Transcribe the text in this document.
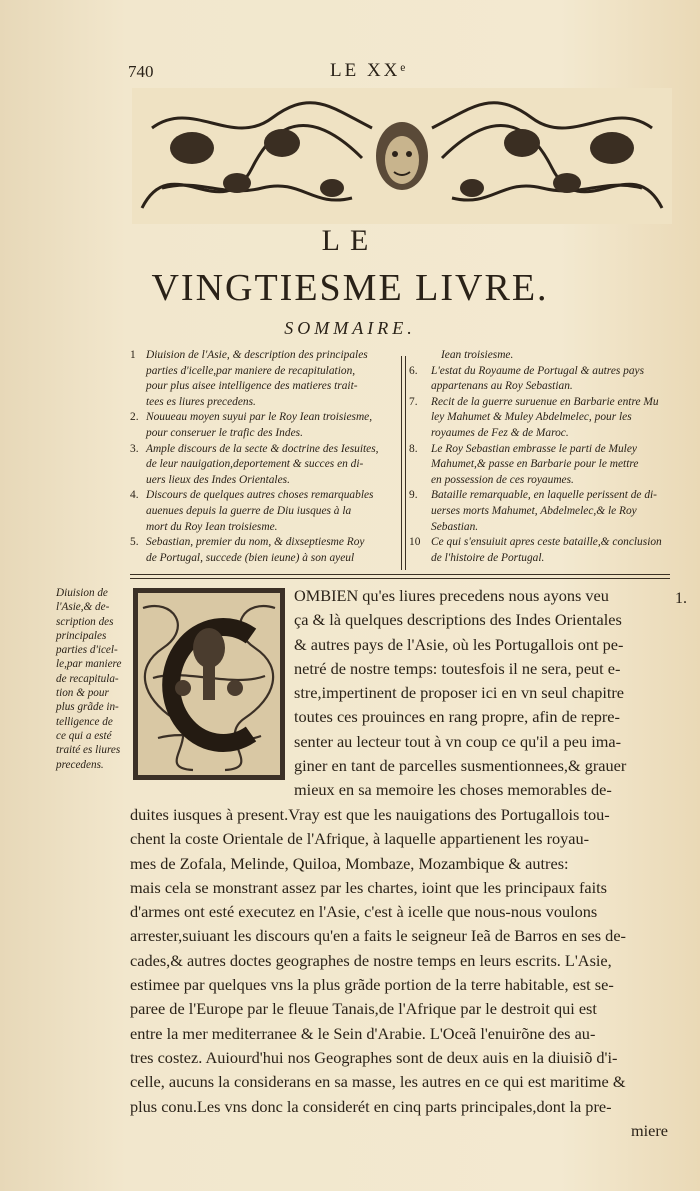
740	LE XXᵉ
LE
VINGTIESME LIVRE.
SOMMAIRE.
1 Diuision de l'Asie, & description des principales
parties d'icelle,par maniere de recapitulation,
pour plus aisee intelligence des matieres trait-
tees es liures precedens.
2. Nouueau moyen suyui par le Roy Iean troisiesme,
pour conseruer le trafic des Indes.
3. Ample discours de la secte & doctrine des Iesuites,
de leur nauigation,deportement & succes en di-
uers lieux des Indes Orientales.
4. Discours de quelques autres choses remarquables
auenues depuis la guerre de Diu iusques à la
mort du Roy Iean troisiesme.
5. Sebastian, premier du nom, & dixseptiesme Roy
de Portugal, succede (bien ieune) à son ayeul
Iean troisiesme.
6. L'estat du Royaume de Portugal & autres pays
appartenans au Roy Sebastian.
7. Recit de la guerre suruenue en Barbarie entre Mu
ley Mahumet & Muley Abdelmelec, pour les
royaumes de Fez & de Maroc.
8. Le Roy Sebastian embrasse le parti de Muley
Mahumet,& passe en Barbarie pour le mettre
en possession de ces royaumes.
9. Bataille remarquable, en laquelle perissent de di-
uerses morts Mahumet, Abdelmelec,& le Roy
Sebastian.
10 Ce qui s'ensuiuit apres ceste bataille,& conclusion
de l'histoire de Portugal.
Diuision de
l'Asie,& de-
scription des
principales
parties d'icel-
le,par maniere
de recapitula-
tion & pour
plus grãde in-
telligence de
ce qui a esté
traité es liures
precedens.
1.
OMBIEN qu'es liures precedens nous ayons veu
ça & là quelques descriptions des Indes Orientales
& autres pays de l'Asie, où les Portugallois ont pe-
netré de nostre temps: toutesfois il ne sera, peut e-
stre,impertinent de proposer ici en vn seul chapitre
toutes ces prouinces en rang propre, afin de repre-
senter au lecteur tout à vn coup ce qu'il a peu ima-
giner en tant de parcelles susmentionnees,& grauer
mieux en sa memoire les choses memorables de-
duites iusques à present.Vray est que les nauigations des Portugallois tou-
chent la coste Orientale de l'Afrique, à laquelle appartienent les royau-
mes de Zofala, Melinde, Quiloa, Mombaze, Mozambique & autres:
mais cela se monstrant assez par les chartes, ioint que les principaux faits
d'armes ont esté executez en l'Asie, c'est à icelle que nous-nous voulons
arrester,suiuant les discours qu'en a faits le seigneur Ieã de Barros en ses de-
cades,& autres doctes geographes de nostre temps en leurs escrits. L'Asie,
estimee par quelques vns la plus grãde portion de la terre habitable, est se-
paree de l'Europe par le fleuue Tanais,de l'Afrique par le destroit qui est
entre la mer mediterranee & le Sein d'Arabie. L'Oceã l'enuirõne des au-
tres costez. Auiourd'hui nos Geographes sont de deux auis en la diuisiõ d'i-
celle, aucuns la considerans en sa masse, les autres en ce qui est maritime &
plus conu.Les vns donc la considerét en cinq parts principales,dont la pre-
miere
